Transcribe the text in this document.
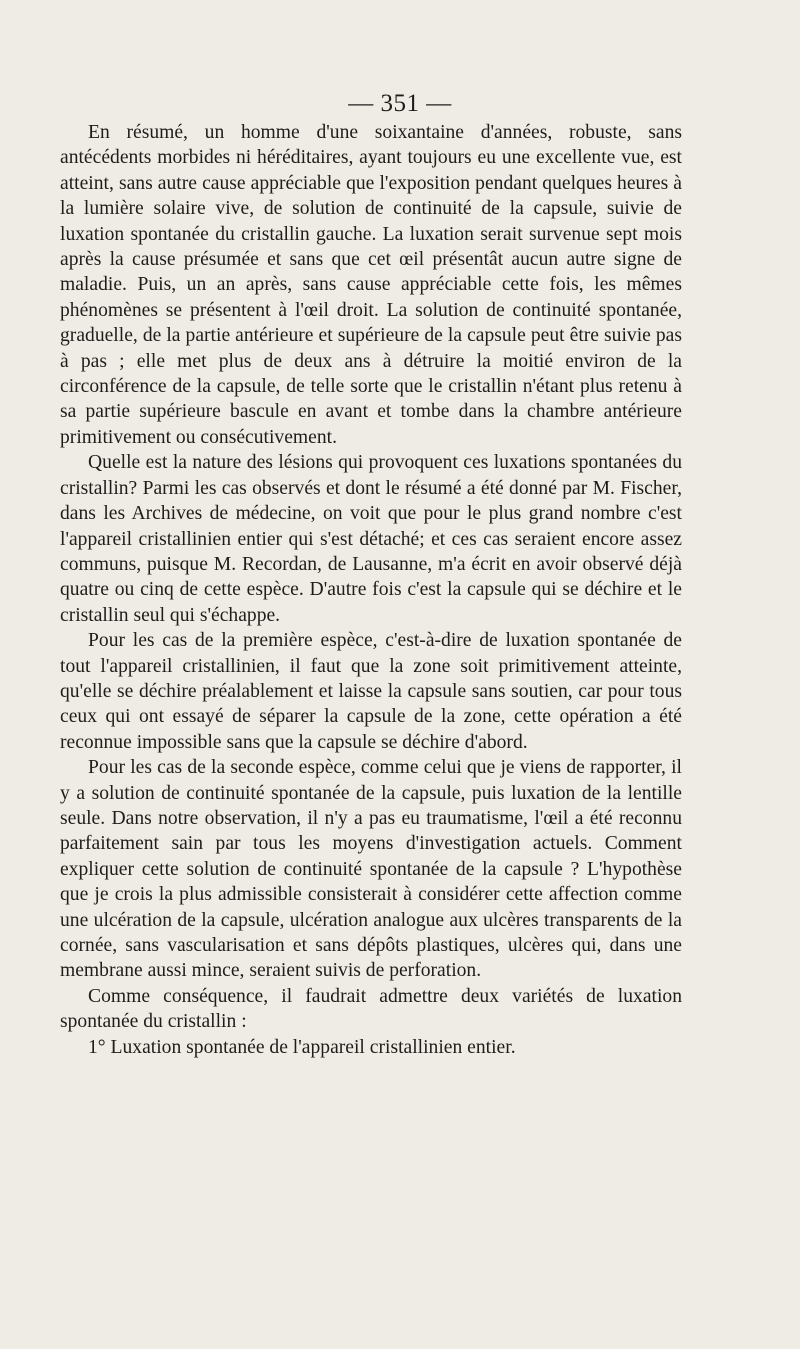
— 351 —

En résumé, un homme d'une soixantaine d'années, robuste, sans antécédents morbides ni héréditaires, ayant toujours eu une excellente vue, est atteint, sans autre cause appréciable que l'exposition pendant quelques heures à la lumière solaire vive, de solution de continuité de la capsule, suivie de luxation spontanée du cristallin gauche. La luxation serait survenue sept mois après la cause présumée et sans que cet œil présentât aucun autre signe de maladie. Puis, un an après, sans cause appréciable cette fois, les mêmes phénomènes se présentent à l'œil droit. La solution de continuité spontanée, graduelle, de la partie antérieure et supérieure de la capsule peut être suivie pas à pas ; elle met plus de deux ans à détruire la moitié environ de la circonférence de la capsule, de telle sorte que le cristallin n'étant plus retenu à sa partie supérieure bascule en avant et tombe dans la chambre antérieure primitivement ou consécutivement.

Quelle est la nature des lésions qui provoquent ces luxations spontanées du cristallin? Parmi les cas observés et dont le résumé a été donné par M. Fischer, dans les Archives de médecine, on voit que pour le plus grand nombre c'est l'appareil cristallinien entier qui s'est détaché; et ces cas seraient encore assez communs, puisque M. Recordan, de Lausanne, m'a écrit en avoir observé déjà quatre ou cinq de cette espèce. D'autre fois c'est la capsule qui se déchire et le cristallin seul qui s'échappe.

Pour les cas de la première espèce, c'est-à-dire de luxation spontanée de tout l'appareil cristallinien, il faut que la zone soit primitivement atteinte, qu'elle se déchire préalablement et laisse la capsule sans soutien, car pour tous ceux qui ont essayé de séparer la capsule de la zone, cette opération a été reconnue impossible sans que la capsule se déchire d'abord.

Pour les cas de la seconde espèce, comme celui que je viens de rapporter, il y a solution de continuité spontanée de la capsule, puis luxation de la lentille seule. Dans notre observation, il n'y a pas eu traumatisme, l'œil a été reconnu parfaitement sain par tous les moyens d'investigation actuels. Comment expliquer cette solution de continuité spontanée de la capsule ? L'hypothèse que je crois la plus admissible consisterait à considérer cette affection comme une ulcération de la capsule, ulcération analogue aux ulcères transparents de la cornée, sans vascularisation et sans dépôts plastiques, ulcères qui, dans une membrane aussi mince, seraient suivis de perforation.

Comme conséquence, il faudrait admettre deux variétés de luxation spontanée du cristallin :

1° Luxation spontanée de l'appareil cristallinien entier.
